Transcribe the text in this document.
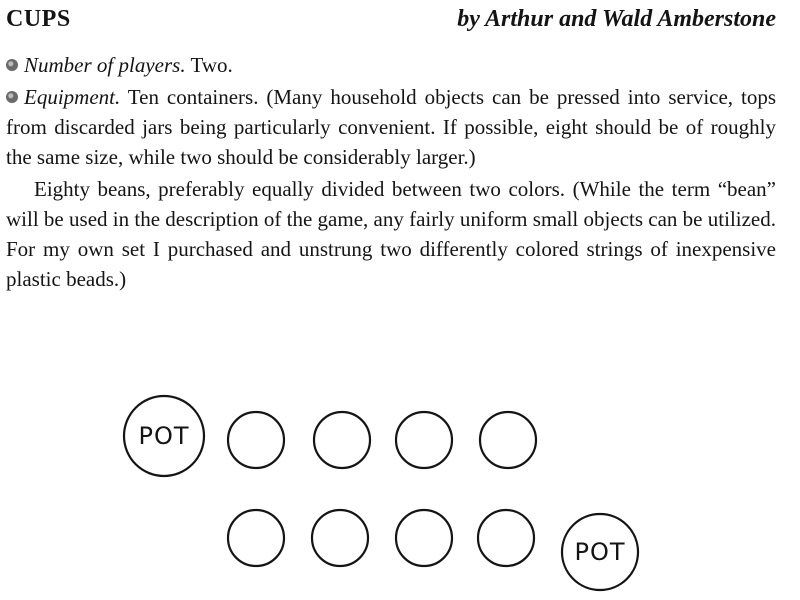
CUPS	by Arthur and Wald Amberstone

Number of players. Two.

Equipment. Ten containers. (Many household objects can be pressed into service, tops from discarded jars being particularly convenient. If possible, eight should be of roughly the same size, while two should be considerably larger.)

Eighty beans, preferably equally divided between two colors. (While the term “bean” will be used in the description of the game, any fairly uniform small objects can be utilized. For my own set I purchased and unstrung two differently colored strings of inexpensive plastic beads.)

POT
POT
